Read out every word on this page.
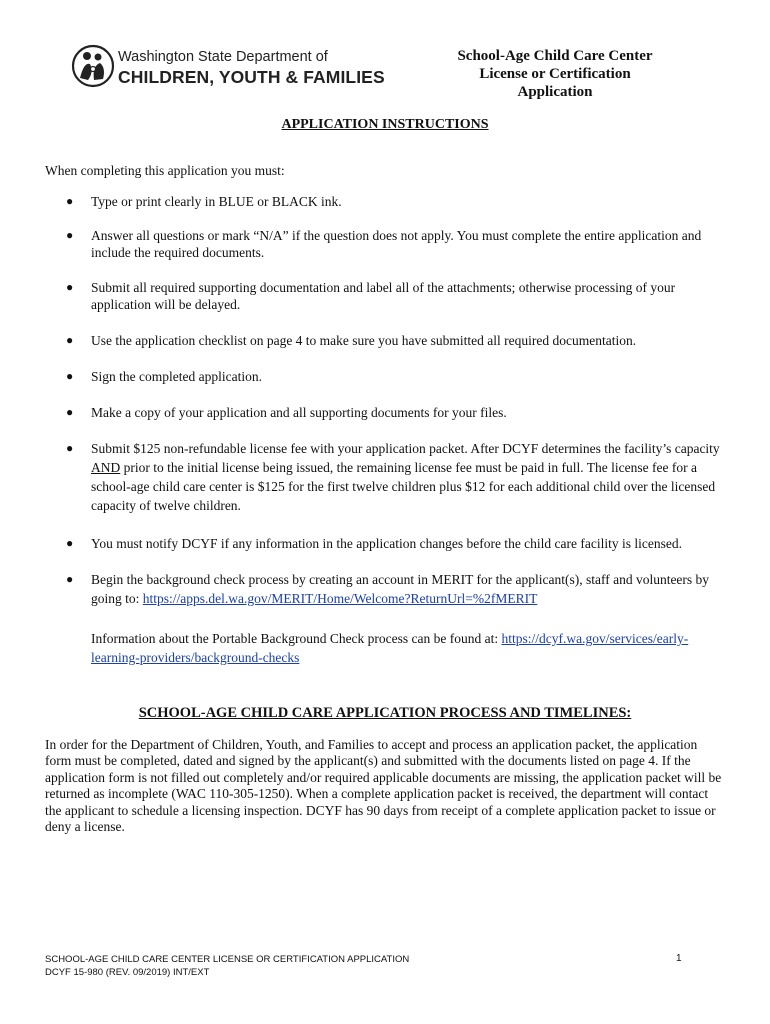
Washington State Department of
CHILDREN, YOUTH & FAMILIES
School-Age Child Care Center
License or Certification
Application
APPLICATION INSTRUCTIONS
When completing this application you must:
● Type or print clearly in BLUE or BLACK ink.
● Answer all questions or mark “N/A” if the question does not apply. You must complete the entire application and include the required documents.
● Submit all required supporting documentation and label all of the attachments; otherwise processing of your application will be delayed.
● Use the application checklist on page 4 to make sure you have submitted all required documentation.
● Sign the completed application.
● Make a copy of your application and all supporting documents for your files.
● Submit $125 non-refundable license fee with your application packet. After DCYF determines the facility’s capacity AND prior to the initial license being issued, the remaining license fee must be paid in full. The license fee for a school-age child care center is $125 for the first twelve children plus $12 for each additional child over the licensed capacity of twelve children.
● You must notify DCYF if any information in the application changes before the child care facility is licensed.
● Begin the background check process by creating an account in MERIT for the applicant(s), staff and volunteers by going to: https://apps.del.wa.gov/MERIT/Home/Welcome?ReturnUrl=%2fMERIT
Information about the Portable Background Check process can be found at: https://dcyf.wa.gov/services/early-learning-providers/background-checks
SCHOOL-AGE CHILD CARE APPLICATION PROCESS AND TIMELINES:
In order for the Department of Children, Youth, and Families to accept and process an application packet, the application form must be completed, dated and signed by the applicant(s) and submitted with the documents listed on page 4. If the application form is not filled out completely and/or required applicable documents are missing, the application packet will be returned as incomplete (WAC 110-305-1250). When a complete application packet is received, the department will contact the applicant to schedule a licensing inspection. DCYF has 90 days from receipt of a complete application packet to issue or deny a license.
SCHOOL-AGE CHILD CARE CENTER LICENSE OR CERTIFICATION APPLICATION
DCYF 15-980 (REV. 09/2019) INT/EXT
1
